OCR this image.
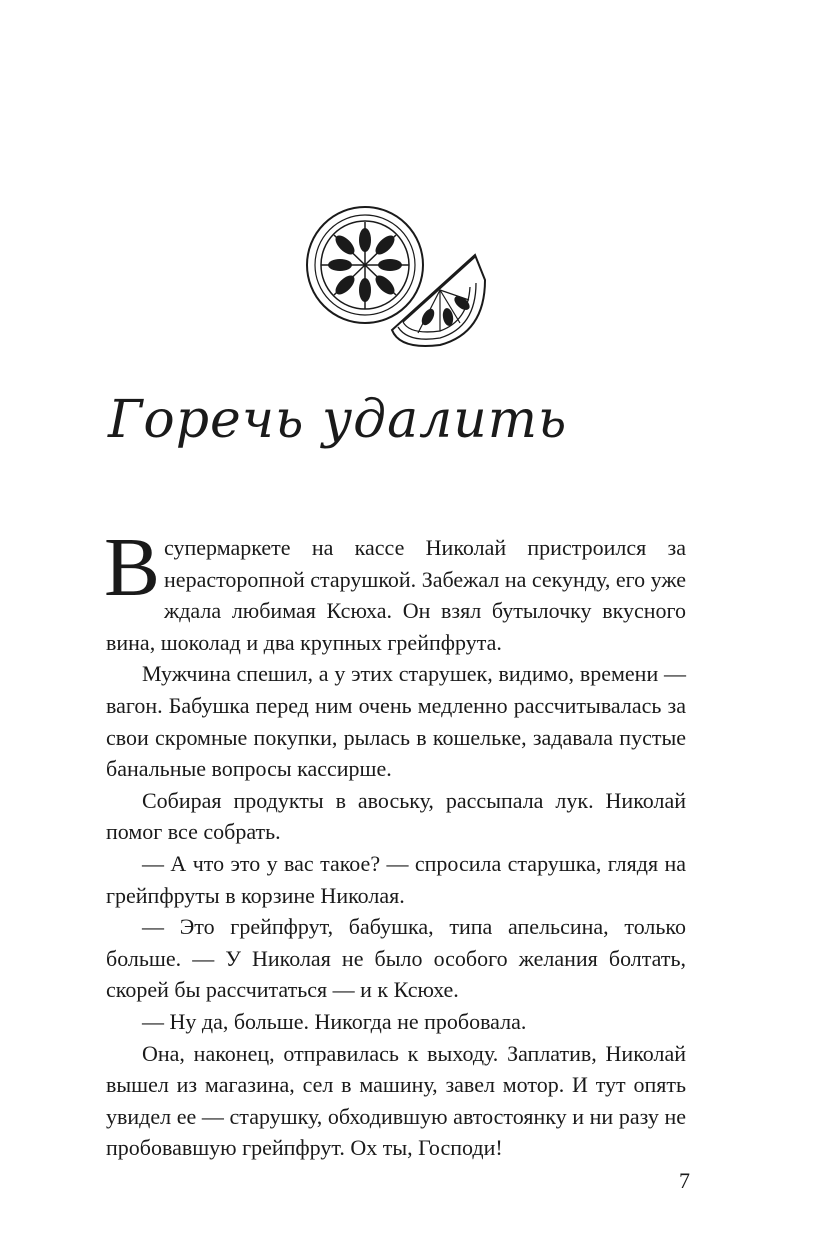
Горечь удалить

В супермаркете на кассе Николай пристроился за нерасторопной старушкой. Забежал на секунду, его уже ждала любимая Ксюха. Он взял бутылочку вкусного вина, шоколад и два крупных грейпфрута.

Мужчина спешил, а у этих старушек, видимо, времени — вагон. Бабушка перед ним очень медленно рассчитывалась за свои скромные покупки, рылась в кошельке, задавала пустые банальные вопросы кассирше.

Собирая продукты в авоську, рассыпала лук. Николай помог все собрать.

— А что это у вас такое? — спросила старушка, глядя на грейпфруты в корзине Николая.

— Это грейпфрут, бабушка, типа апельсина, только больше. — У Николая не было особого желания болтать, скорей бы рассчитаться — и к Ксюхе.

— Ну да, больше. Никогда не пробовала.

Она, наконец, отправилась к выходу. Заплатив, Николай вышел из магазина, сел в машину, завел мотор. И тут опять увидел ее — старушку, обходившую автостоянку и ни разу не пробовавшую грейпфрут. Ох ты, Господи!

7
